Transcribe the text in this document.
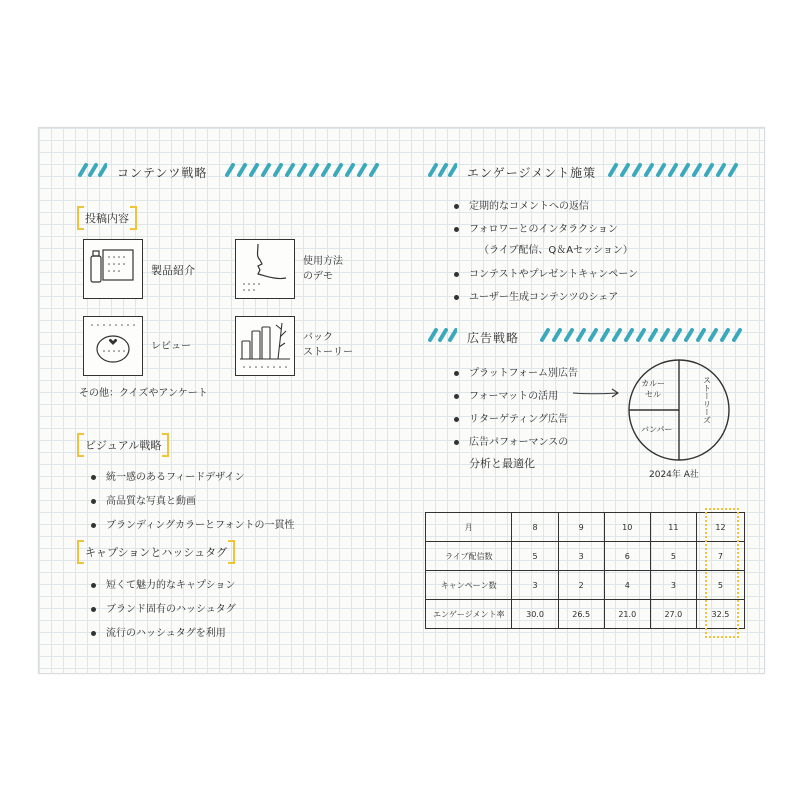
コンテンツ戦略
投稿内容
製品紹介
使用方法
のデモ
レビュー
バック
ストーリー
その他：クイズやアンケート
ビジュアル戦略
統一感のあるフィードデザイン
高品質な写真と動画
ブランディングカラーとフォントの一貫性
キャプションとハッシュタグ
短くて魅力的なキャプション
ブランド固有のハッシュタグ
流行のハッシュタグを利用
エンゲージメント施策
定期的なコメントへの返信
フォロワーとのインタラクション
（ライブ配信、Q＆Aセッション）
コンテストやプレゼントキャンペーン
ユーザー生成コンテンツのシェア
広告戦略
プラットフォーム別広告
フォーマットの活用
リターゲティング広告
広告パフォーマンスの
分析と最適化
カルーセル	ストーリーズ
バンパー
2024年 A社
月	8	9	10	11	12
ライブ配信数	5	3	6	5	7
キャンペーン数	3	2	4	3	5
エンゲージメント率	30.0	26.5	21.0	27.0	32.5
